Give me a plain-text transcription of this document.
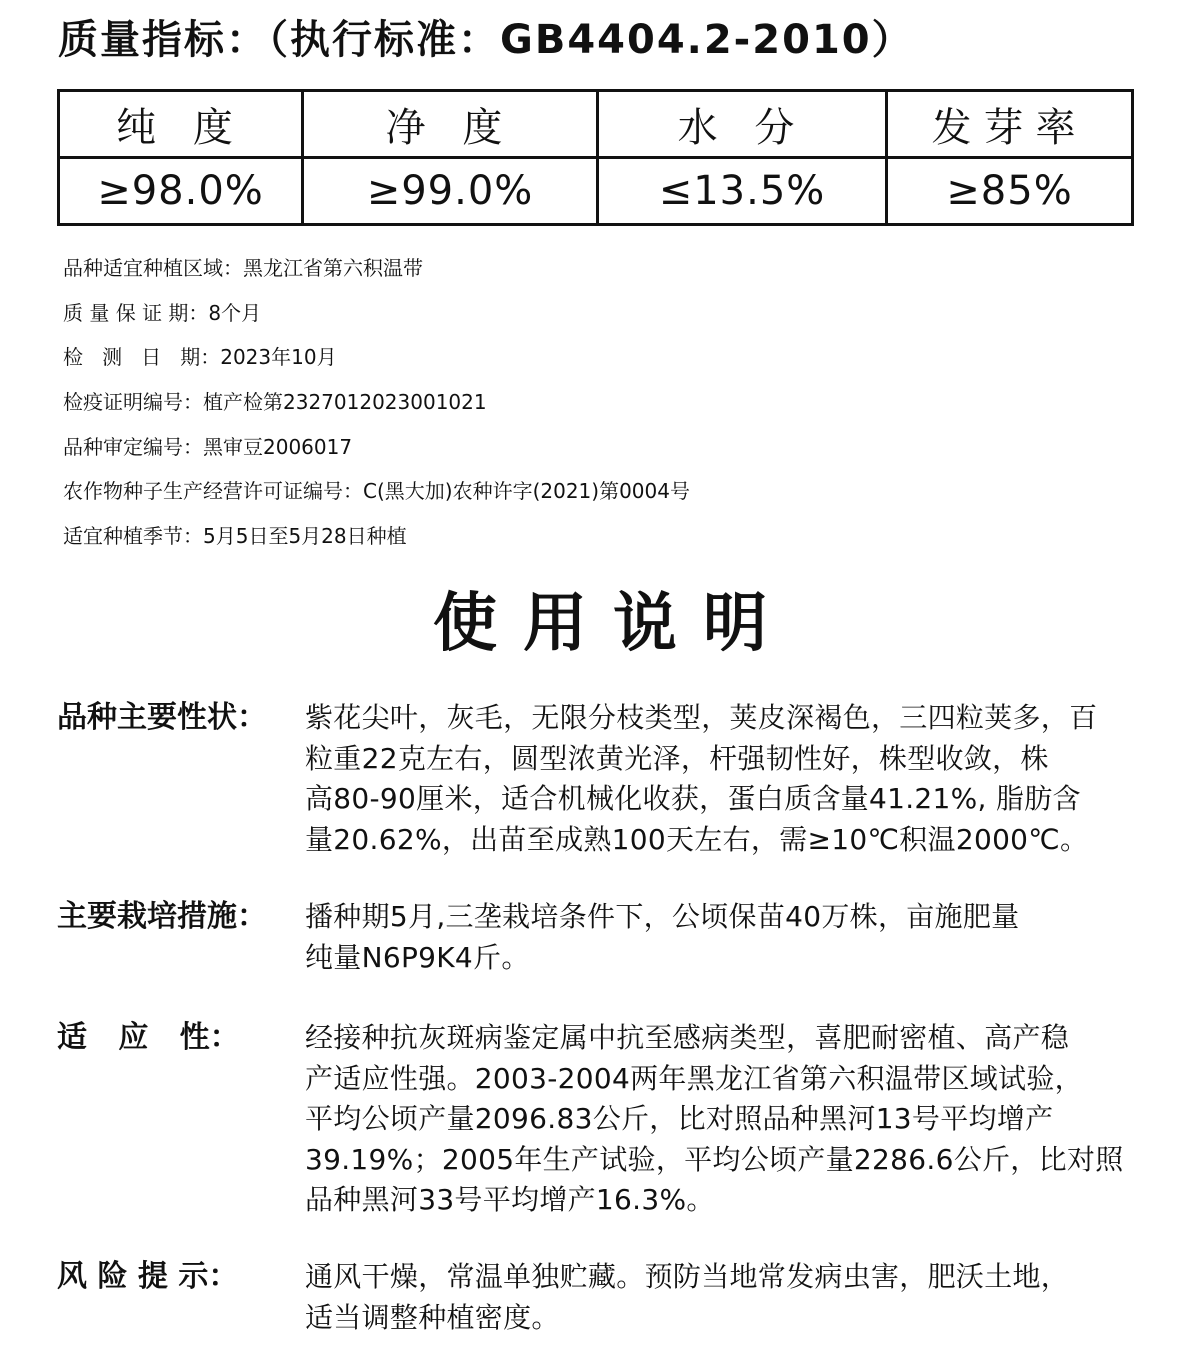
质量指标：（执行标准：GB4404.2-2010）
纯 度	净 度	水 分	发芽率
≥98.0%	≥99.0%	≤13.5%	≥85%
品种适宜种植区域：黑龙江省第六积温带
质 量 保 证 期：8个月
检   测   日   期：2023年10月
检疫证明编号：植产检第2327012023001021
品种审定编号：黑审豆2006017
农作物种子生产经营许可证编号：C(黑大加)农种许字(2021)第0004号
适宜种植季节：5月5日至5月28日种植
使用说明
品种主要性状：	紫花尖叶，灰毛，无限分枝类型，荚皮深褐色，三四粒荚多，百
粒重22克左右，圆型浓黄光泽，杆强韧性好，株型收敛，株
高80-90厘米，适合机械化收获，蛋白质含量41.21%, 脂肪含
量20.62%，出苗至成熟100天左右，需≥10℃积温2000℃。
主要栽培措施：	播种期5月,三垄栽培条件下，公顷保苗40万株，亩施肥量
纯量N6P9K4斤。
适   应   性：	经接种抗灰斑病鉴定属中抗至感病类型，喜肥耐密植、高产稳
产适应性强。2003-2004两年黑龙江省第六积温带区域试验，
平均公顷产量2096.83公斤，比对照品种黑河13号平均增产
39.19%；2005年生产试验，平均公顷产量2286.6公斤，比对照
品种黑河33号平均增产16.3%。
风 险 提 示：	通风干燥，常温单独贮藏。预防当地常发病虫害，肥沃土地，
适当调整种植密度。
